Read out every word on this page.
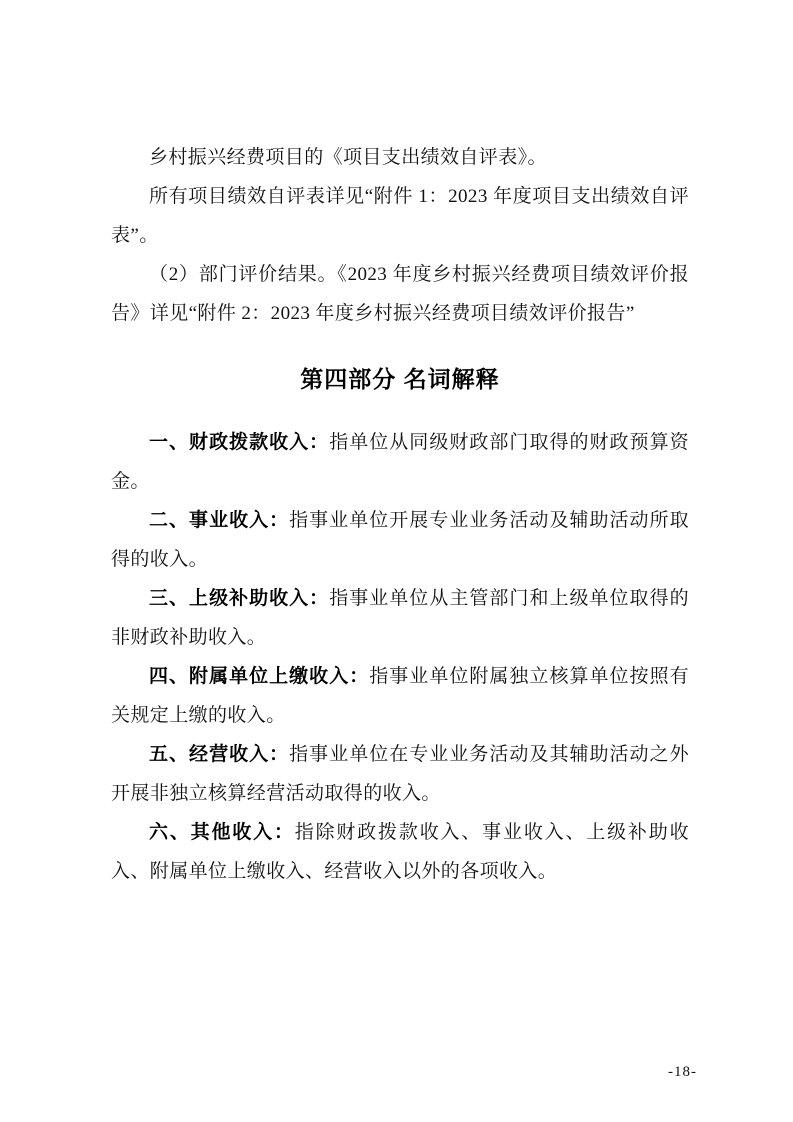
乡村振兴经费项目的《项目支出绩效自评表》。

所有项目绩效自评表详见“附件 1：2023 年度项目支出绩效自评表”。

（2）部门评价结果。《2023 年度乡村振兴经费项目绩效评价报告》详见“附件 2：2023 年度乡村振兴经费项目绩效评价报告”

第四部分 名词解释

一、财政拨款收入：指单位从同级财政部门取得的财政预算资金。

二、事业收入：指事业单位开展专业业务活动及辅助活动所取得的收入。

三、上级补助收入：指事业单位从主管部门和上级单位取得的非财政补助收入。

四、附属单位上缴收入：指事业单位附属独立核算单位按照有关规定上缴的收入。

五、经营收入：指事业单位在专业业务活动及其辅助活动之外开展非独立核算经营活动取得的收入。

六、其他收入：指除财政拨款收入、事业收入、上级补助收入、附属单位上缴收入、经营收入以外的各项收入。

-18-
